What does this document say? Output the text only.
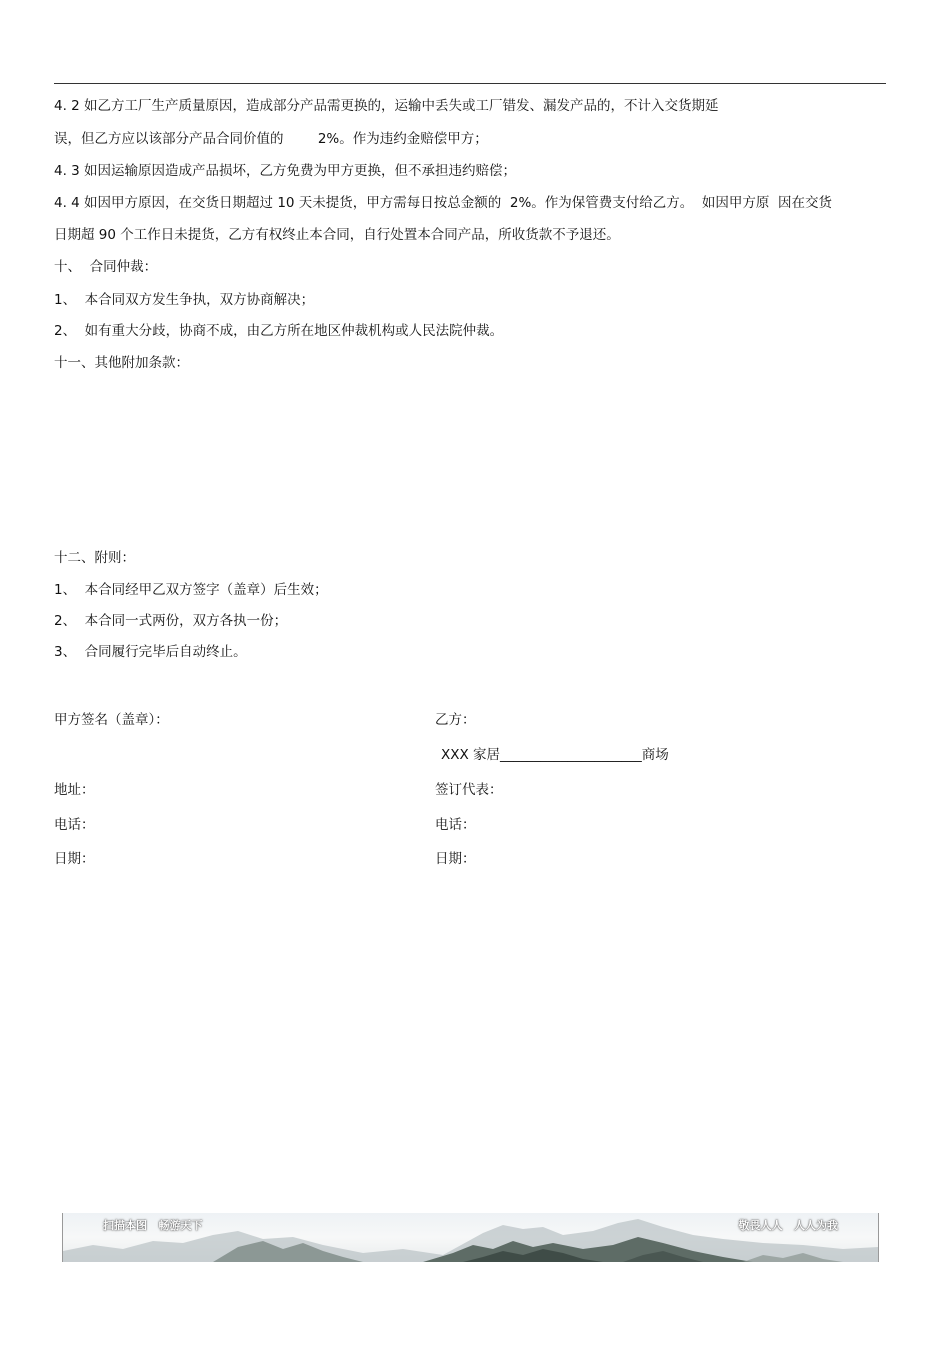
4. 2 如乙方工厂生产质量原因，造成部分产品需更换的，运输中丢失或工厂错发、漏发产品的，不计入交货期延
误，但乙方应以该部分产品合同价值的        2%。作为违约金赔偿甲方；
4. 3 如因运输原因造成产品损坏，乙方免费为甲方更换，但不承担违约赔偿；
4. 4 如因甲方原因，在交货日期超过 10 天未提货，甲方需每日按总金额的  2%。作为保管费支付给乙方。  如因甲方原  因在交货
日期超 90 个工作日未提货，乙方有权终止本合同，自行处置本合同产品，所收货款不予退还。
十、  合同仲裁：
1、  本合同双方发生争执，双方协商解决；
2、  如有重大分歧，协商不成，由乙方所在地区仲裁机构或人民法院仲裁。
十一、其他附加条款：
十二、附则：
1、  本合同经甲乙双方签字（盖章）后生效；
2、  本合同一式两份，双方各执一份；
3、  合同履行完毕后自动终止。
甲方签名（盖章）：	乙方：
XXX 家居_____________________商场
地址：	签订代表：
电话：	电话：
日期：	日期：
扫描本图   畅游天下	敬畏人人   人人为我
